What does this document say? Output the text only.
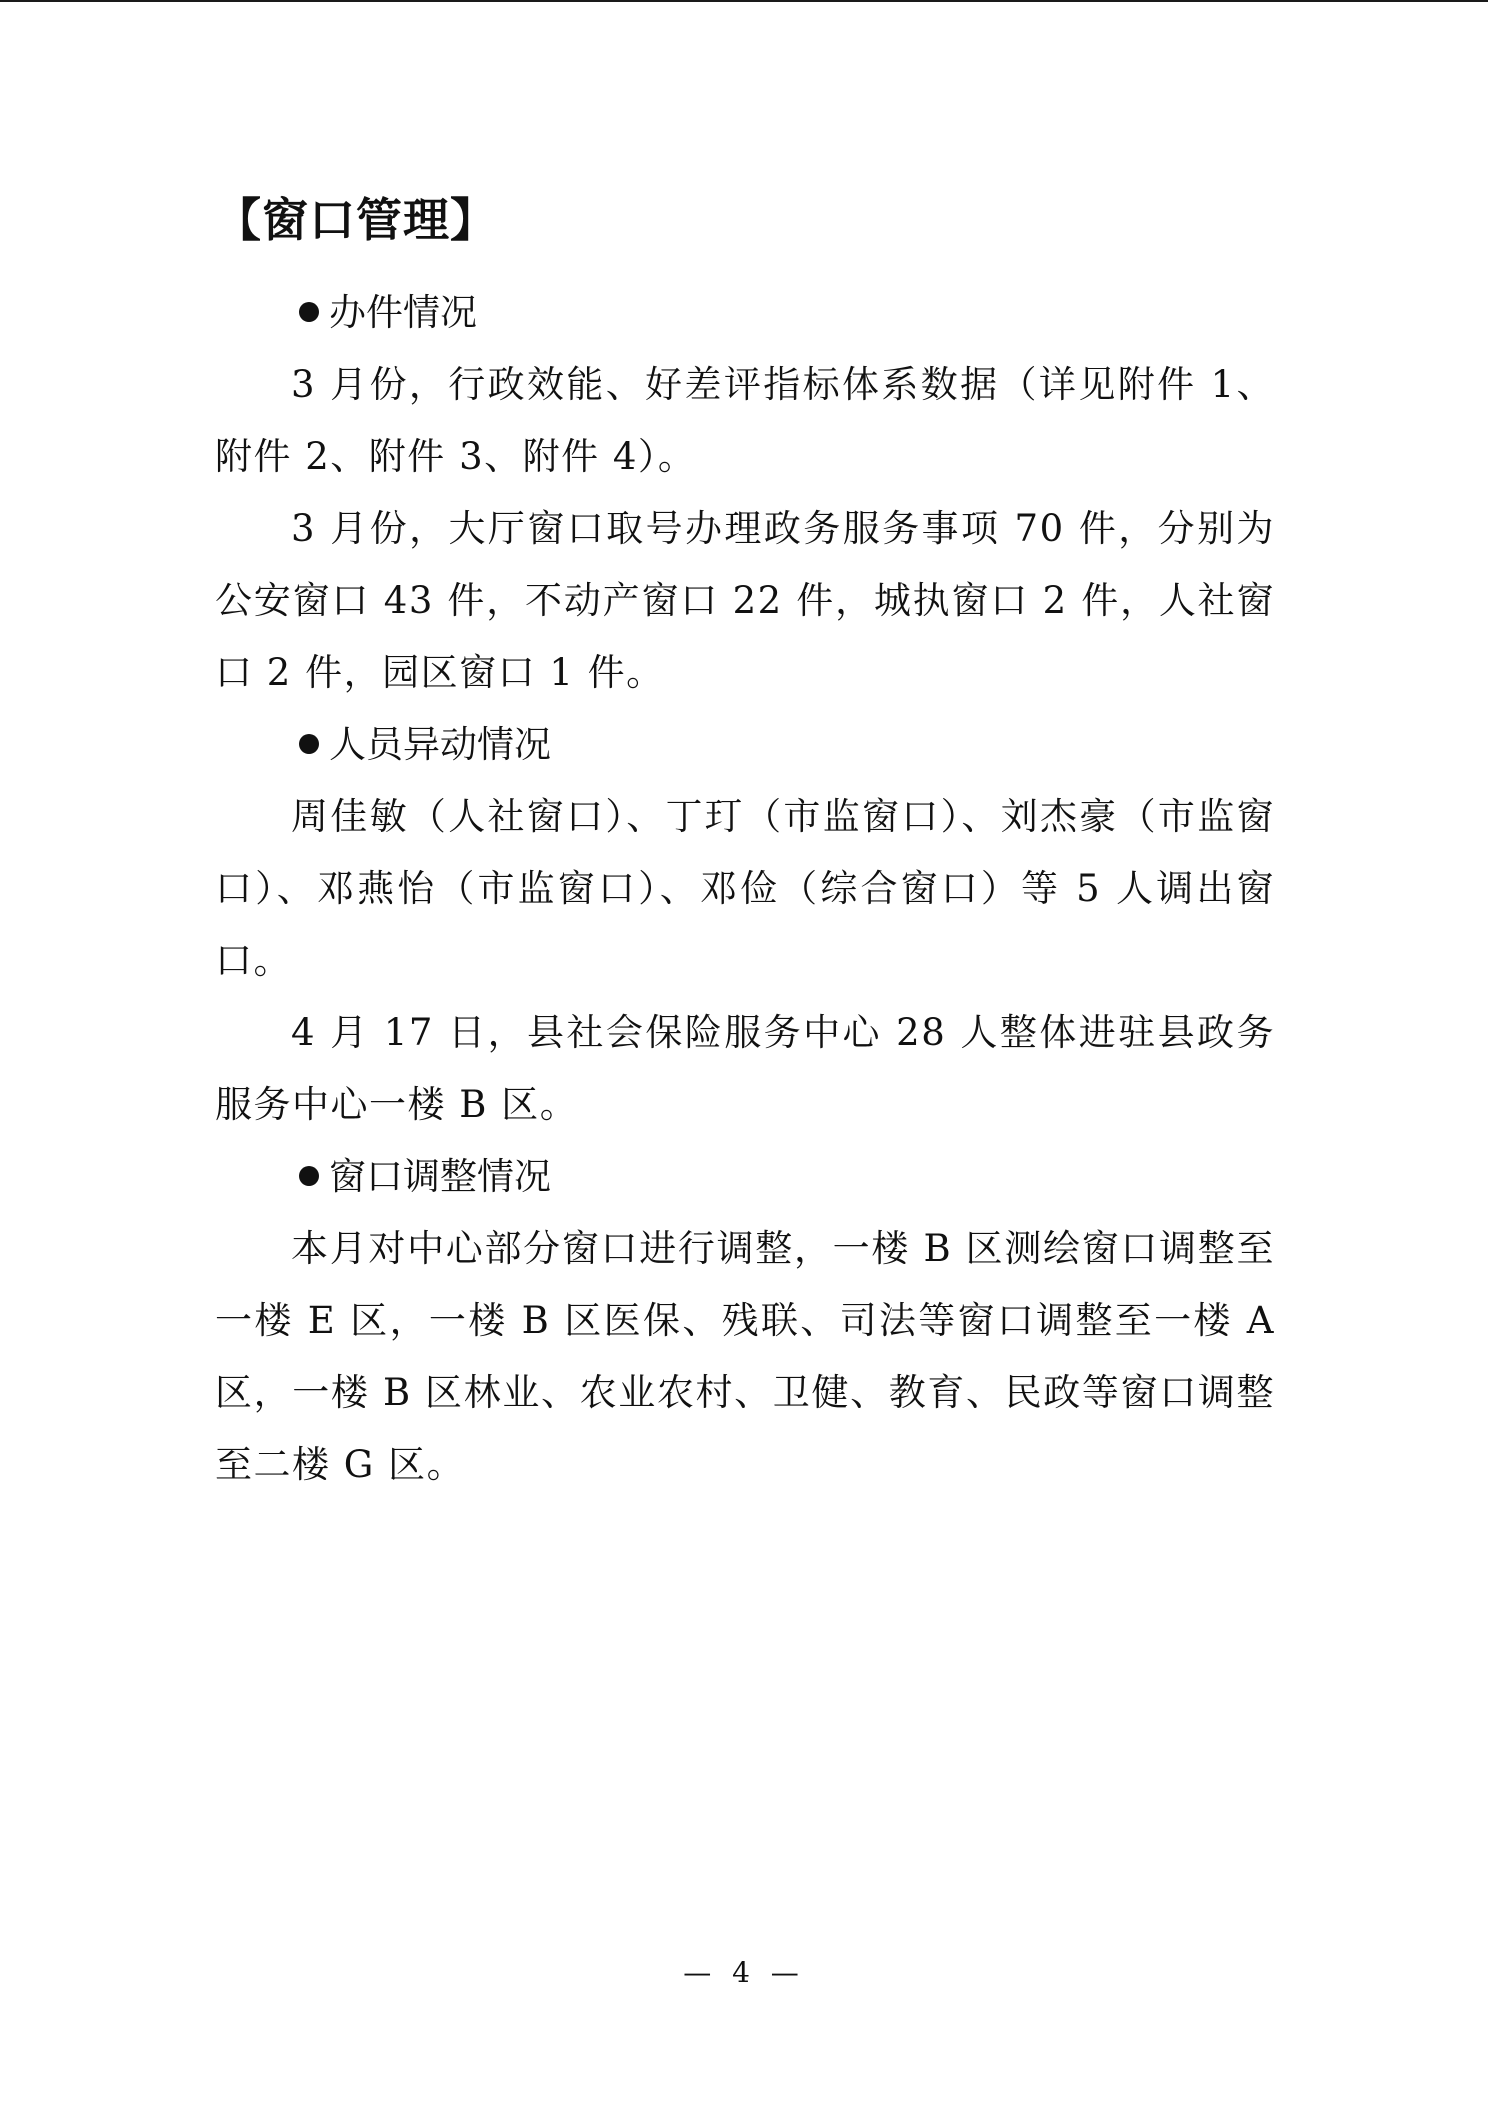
【窗口管理】
办件情况

3 月份，行政效能、好差评指标体系数据（详见附件 1、附件 2、附件 3、附件 4）。

3 月份，大厅窗口取号办理政务服务事项 70 件，分别为公安窗口 43 件，不动产窗口 22 件，城执窗口 2 件，人社窗口 2 件，园区窗口 1 件。

人员异动情况

周佳敏（人社窗口）、丁玎（市监窗口）、刘杰豪（市监窗口）、邓燕怡（市监窗口）、邓俭（综合窗口）等 5 人调出窗口。

4 月 17 日，县社会保险服务中心 28 人整体进驻县政务服务中心一楼 B 区。

窗口调整情况

本月对中心部分窗口进行调整，一楼 B 区测绘窗口调整至一楼 E 区，一楼 B 区医保、残联、司法等窗口调整至一楼 A 区，一楼 B 区林业、农业农村、卫健、教育、民政等窗口调整至二楼 G 区。

— 4 —
